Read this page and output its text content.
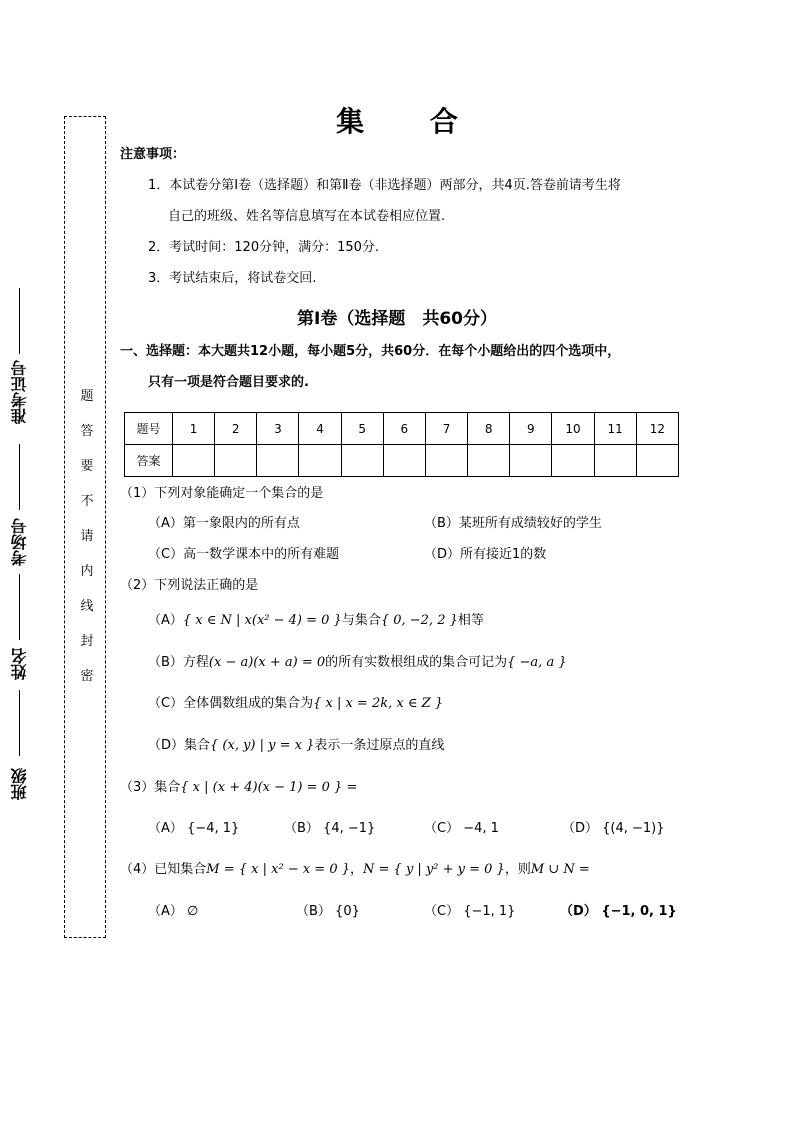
题
答
要
不
请
内
线
封
密
准考证号
考场号
姓名
班级
集 合
注意事项：
1．本试卷分第Ⅰ卷（选择题）和第Ⅱ卷（非选择题）两部分，共4页.答卷前请考生将
自己的班级、姓名等信息填写在本试卷相应位置.
2．考试时间：120分钟，满分：150分.
3．考试结束后，将试卷交回.
第Ⅰ卷（选择题　共60分）
一、选择题：本大题共12小题，每小题5分，共60分．在每个小题给出的四个选项中，
只有一项是符合题目要求的.
题号	1	2	3	4	5	6	7	8	9	10	11	12
答案												
（1）下列对象能确定一个集合的是
（A）第一象限内的所有点	（B）某班所有成绩较好的学生
（C）高一数学课本中的所有难题	（D）所有接近1的数
（2）下列说法正确的是
（A）{ x ∈ N | x(x² − 4) = 0 }与集合{ 0, −2, 2 }相等
（B）方程(x − a)(x + a) = 0的所有实数根组成的集合可记为{ −a, a }
（C）全体偶数组成的集合为{ x | x = 2k, x ∈ Z }
（D）集合{ (x, y) | y = x }表示一条过原点的直线
（3）集合{ x | (x + 4)(x − 1) = 0 } =
（A） {−4, 1}	（B） {4, −1}	（C） −4, 1	（D） {(4, −1)}
（4）已知集合M = { x | x² − x = 0 }，N = { y | y² + y = 0 }，则M ∪ N =
（A） ∅	（B） {0}	（C） {−1, 1}	（D） {−1, 0, 1}
